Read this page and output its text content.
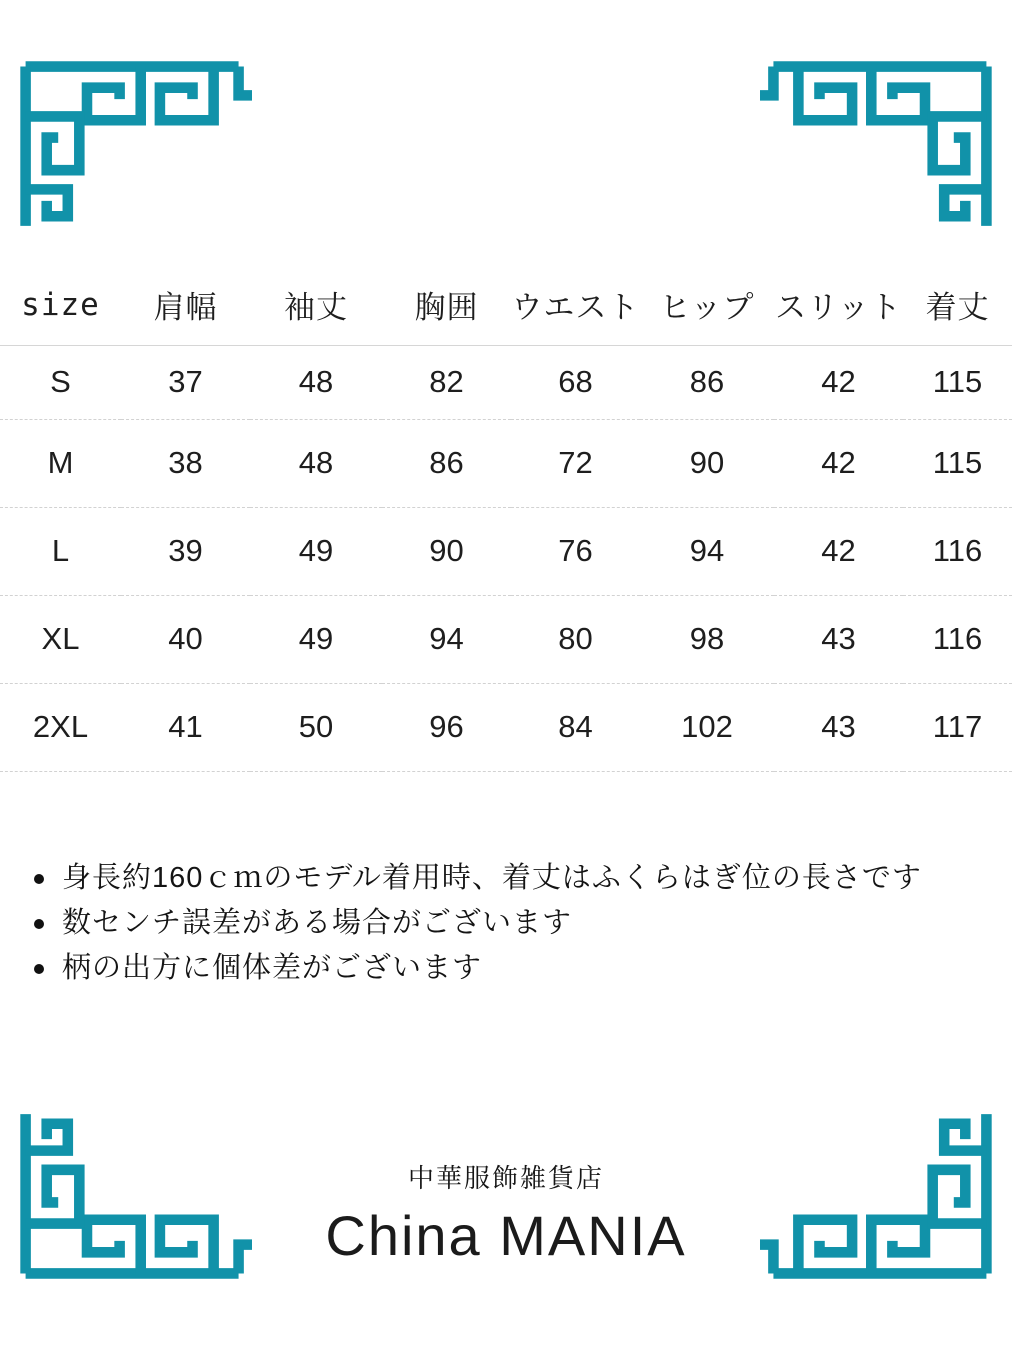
size	肩幅	袖丈	胸囲	ウエスト	ヒップ	スリット	着丈
S	37	48	82	68	86	42	115
M	38	48	86	72	90	42	115
L	39	49	90	76	94	42	116
XL	40	49	94	80	98	43	116
2XL	41	50	96	84	102	43	117
身長約160ｃｍのモデル着用時、着丈はふくらはぎ位の長さです
数センチ誤差がある場合がございます
柄の出方に個体差がございます
中華服飾雑貨店
China MANIA
